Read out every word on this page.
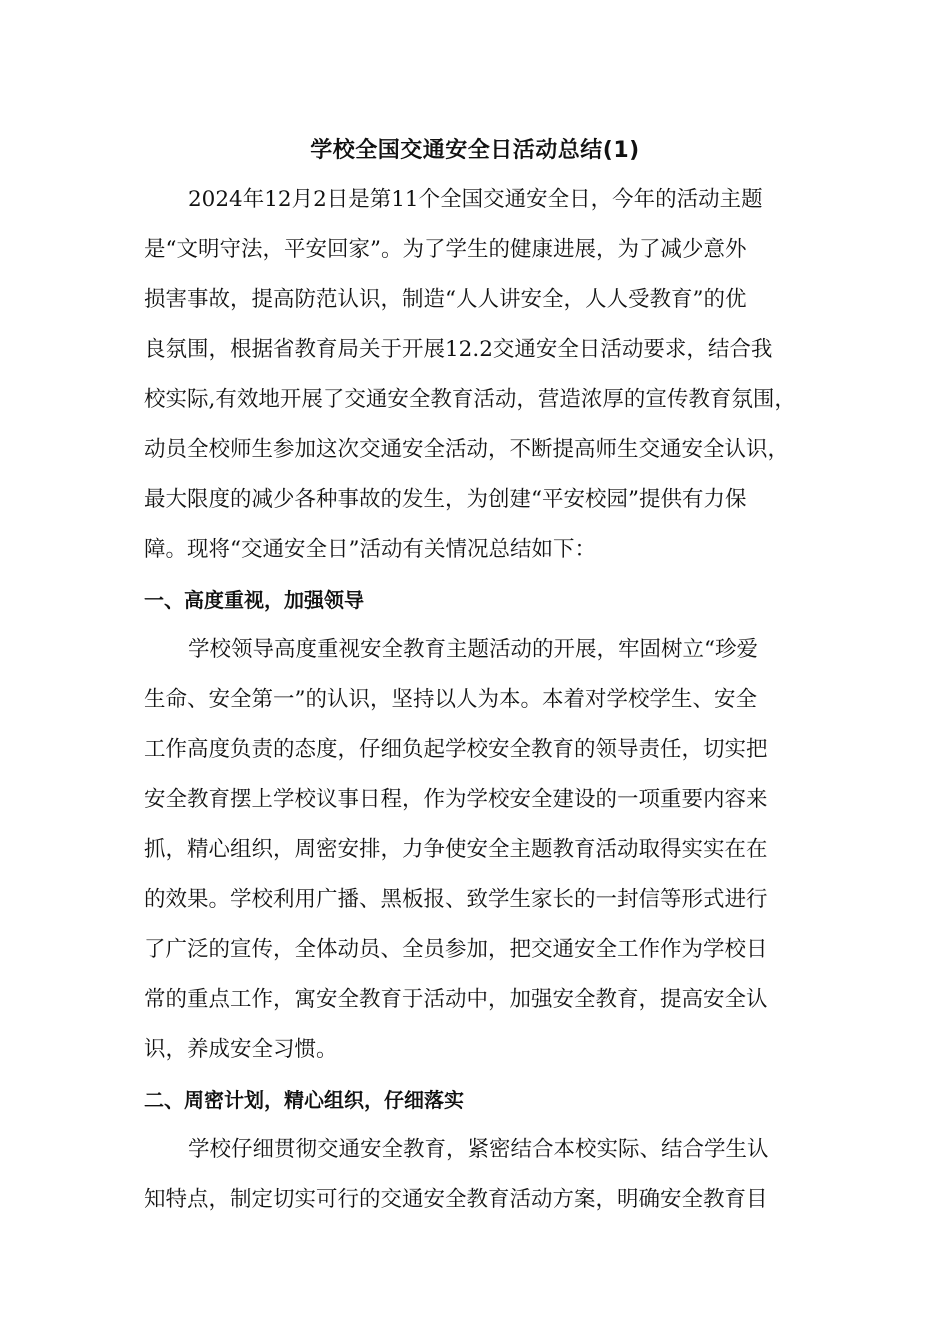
学校全国交通安全日活动总结(1)
2024年12月2日是第11个全国交通安全日，今年的活动主题
是“文明守法，平安回家”。为了学生的健康进展，为了减少意外
损害事故，提高防范认识，制造“人人讲安全，人人受教育”的优
良氛围，根据省教育局关于开展12.2交通安全日活动要求，结合我
校实际,有效地开展了交通安全教育活动，营造浓厚的宣传教育氛围，
动员全校师生参加这次交通安全活动，不断提高师生交通安全认识，
最大限度的减少各种事故的发生，为创建“平安校园”提供有力保
障。现将“交通安全日”活动有关情况总结如下：
一、高度重视，加强领导
学校领导高度重视安全教育主题活动的开展，牢固树立“珍爱
生命、安全第一”的认识，坚持以人为本。本着对学校学生、安全
工作高度负责的态度，仔细负起学校安全教育的领导责任，切实把
安全教育摆上学校议事日程，作为学校安全建设的一项重要内容来
抓，精心组织，周密安排，力争使安全主题教育活动取得实实在在
的效果。学校利用广播、黑板报、致学生家长的一封信等形式进行
了广泛的宣传，全体动员、全员参加，把交通安全工作作为学校日
常的重点工作，寓安全教育于活动中，加强安全教育，提高安全认
识，养成安全习惯。
二、周密计划，精心组织，仔细落实
学校仔细贯彻交通安全教育，紧密结合本校实际、结合学生认
知特点，制定切实可行的交通安全教育活动方案，明确安全教育目
